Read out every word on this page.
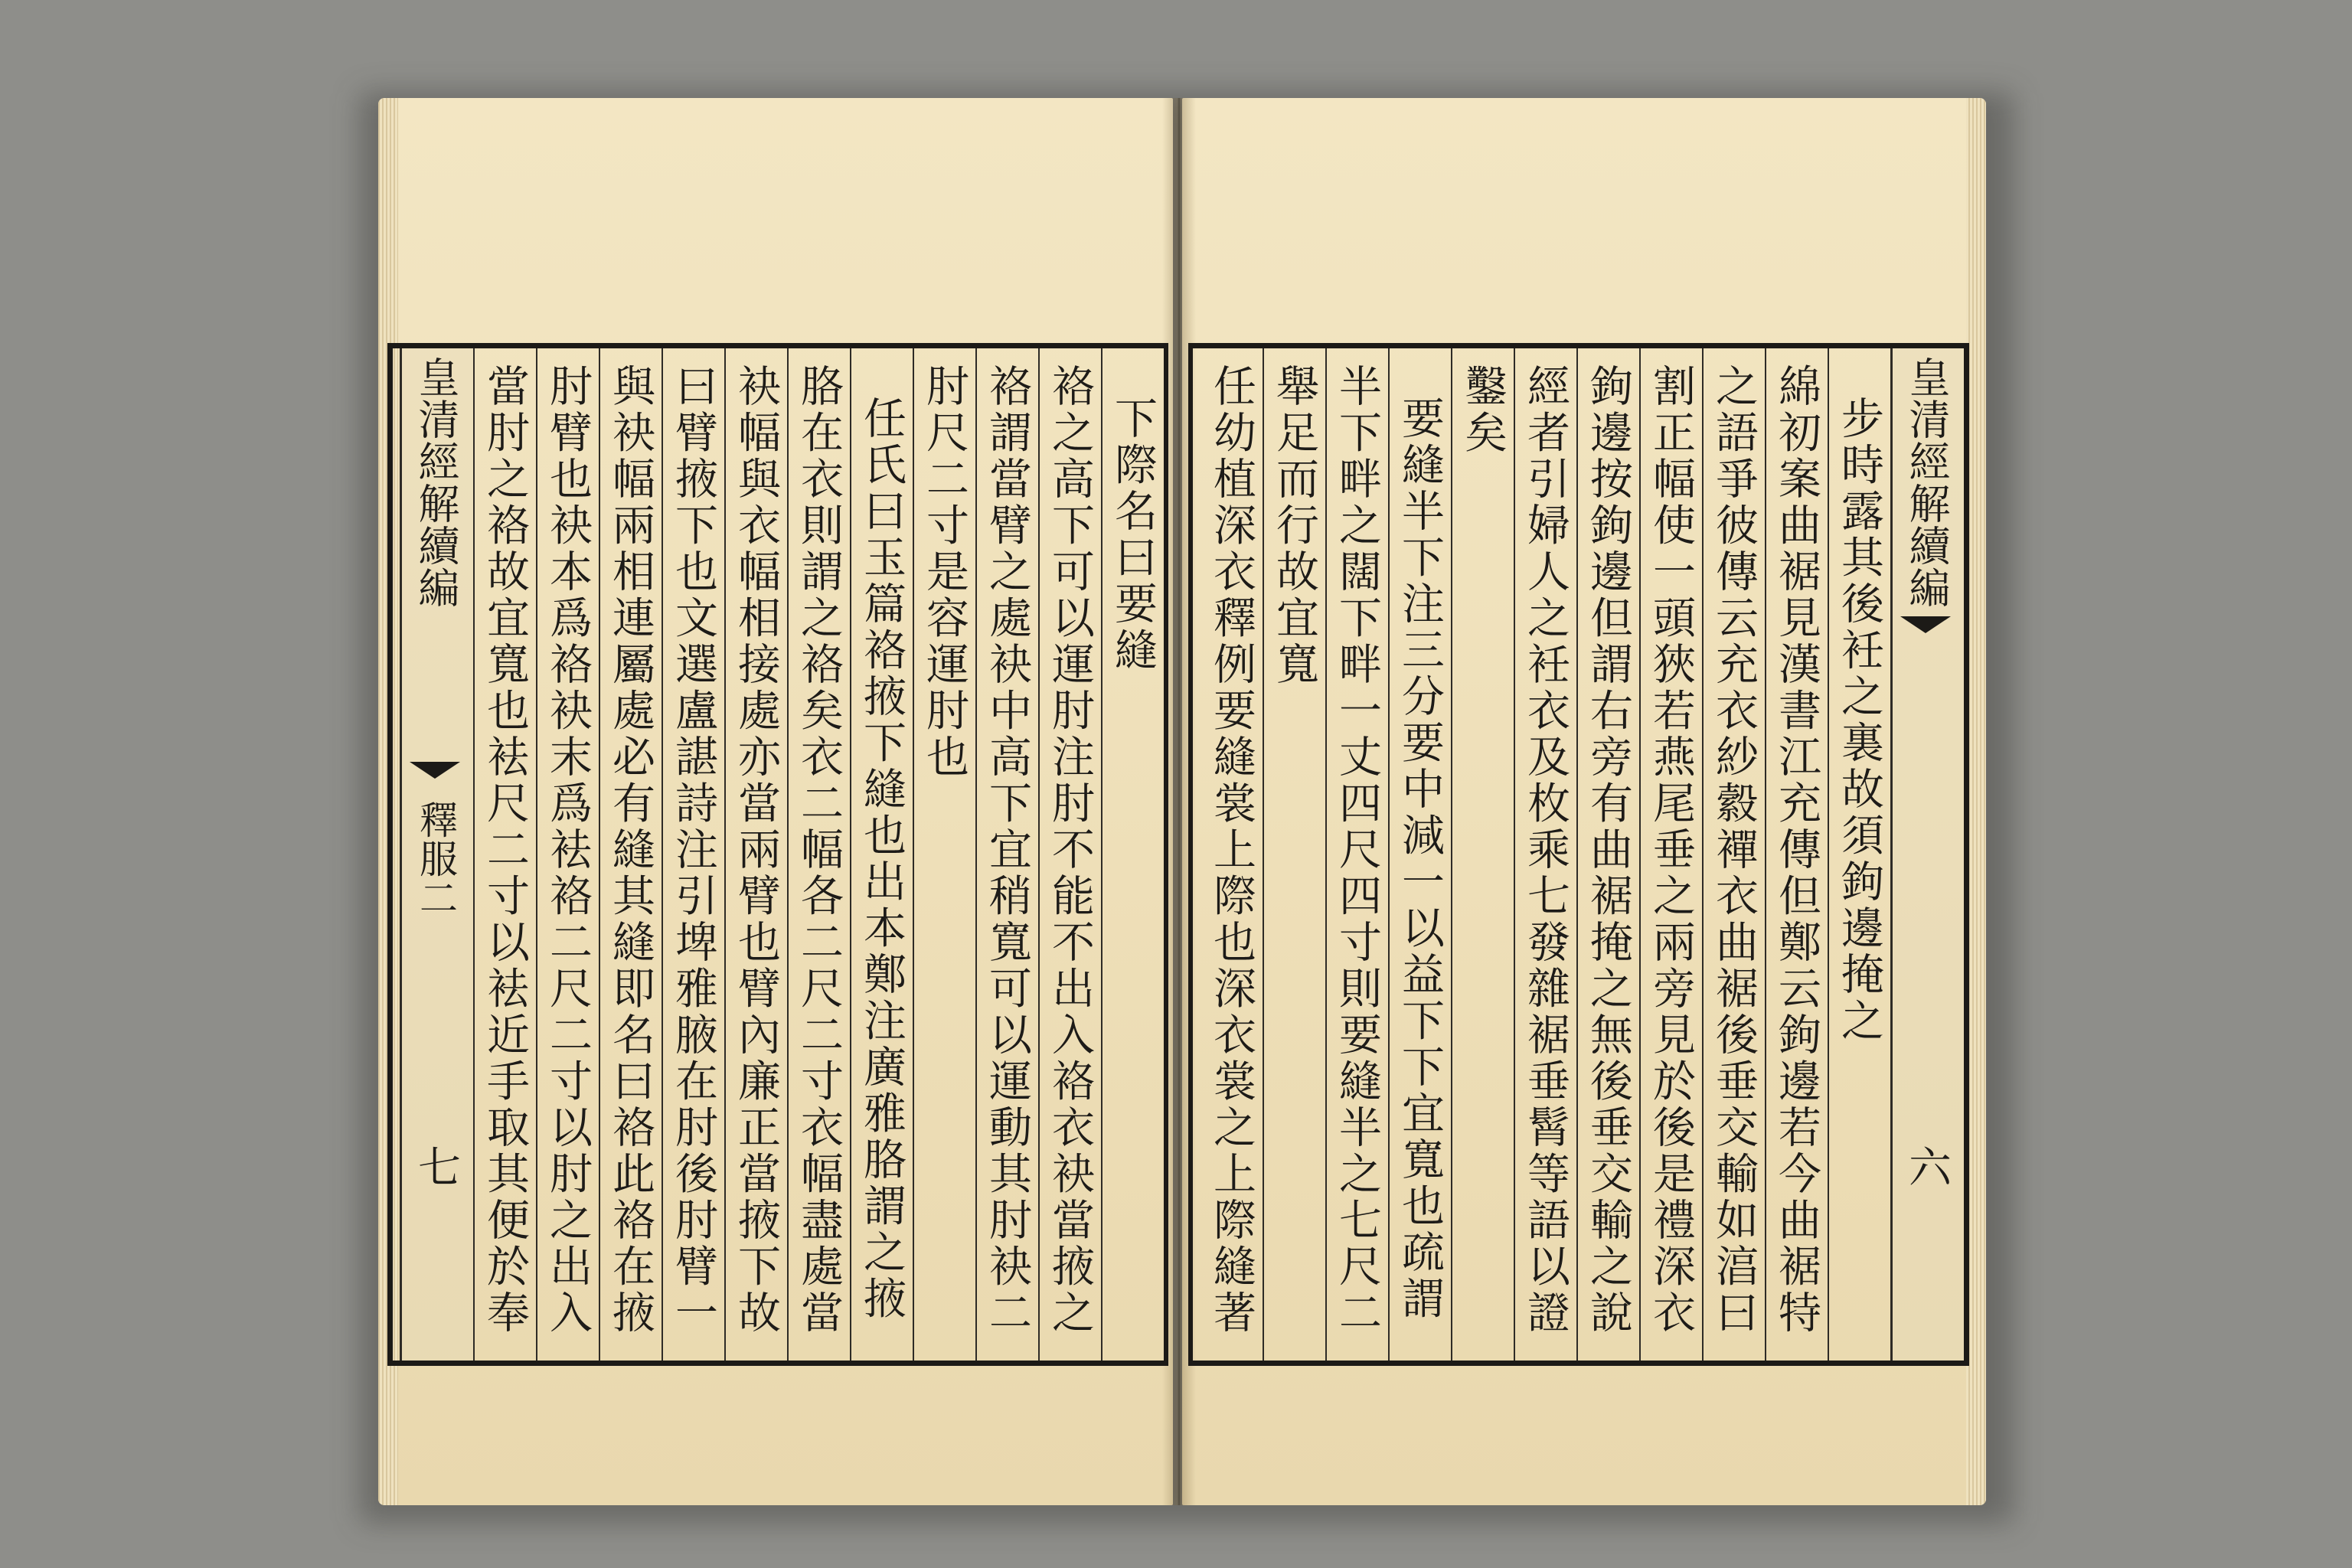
下際名曰要縫
袼之高下可以運肘注肘不能不出入袼衣袂當掖之
袼謂當臂之處袂中高下宜稍寬可以運動其肘袂二
肘尺二寸是容運肘也
任氏曰玉篇袼掖下縫也出本鄭注廣雅胳謂之掖
胳在衣則謂之袼矣衣二幅各二尺二寸衣幅盡處當
袂幅與衣幅相接處亦當兩臂也臂內廉正當掖下故
曰臂掖下也文選盧諶詩注引埤雅腋在肘後肘臂一
與袂幅兩相連屬處必有縫其縫即名曰袼此袼在掖
肘臂也袂本爲袼袂末爲袪袼二尺二寸以肘之出入
當肘之袼故宜寬也袪尺二寸以袪近手取其便於奉
皇清經解續編
釋服二
七
皇清經解續編
六
步時露其後衽之裏故須鉤邊掩之
綿初案曲裾見漢書江充傳但鄭云鉤邊若今曲裾特
之語爭彼傳云充衣紗縠襌衣曲裾後垂交輸如湻曰
割正幅使一頭狹若燕尾垂之兩旁見於後是禮深衣
鉤邊按鉤邊但謂右旁有曲裾掩之無後垂交輸之說
經者引婦人之衽衣及枚乘七發雜裾垂髾等語以證
鑿矣
要縫半下注三分要中減一以益下下宜寬也疏謂
半下畔之闊下畔一丈四尺四寸則要縫半之七尺二
舉足而行故宜寬
任幼植深衣釋例要縫裳上際也深衣裳之上際縫著
